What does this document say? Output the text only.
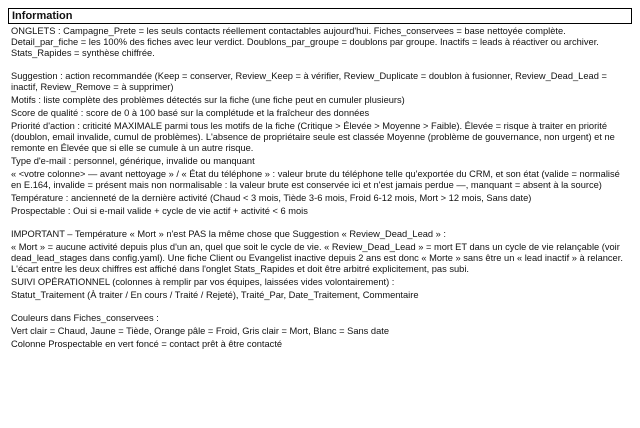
Information

ONGLETS : Campagne_Prete = les seuls contacts réellement contactables aujourd'hui. Fiches_conservees = base nettoyée complète. Detail_par_fiche = les 100% des fiches avec leur verdict. Doublons_par_groupe = doublons par groupe. Inactifs = leads à réactiver ou archiver. Stats_Rapides = synthèse chiffrée.

Suggestion : action recommandée (Keep = conserver, Review_Keep = à vérifier, Review_Duplicate = doublon à fusionner, Review_Dead_Lead = inactif, Review_Remove = à supprimer)

Motifs : liste complète des problèmes détectés sur la fiche (une fiche peut en cumuler plusieurs)

Score de qualité : score de 0 à 100 basé sur la complétude et la fraîcheur des données

Priorité d'action : criticité MAXIMALE parmi tous les motifs de la fiche (Critique > Élevée > Moyenne > Faible). Élevée = risque à traiter en priorité (doublon, email invalide, cumul de problèmes). L'absence de propriétaire seule est classée Moyenne (problème de gouvernance, non urgent) et ne remonte en Élevée que si elle se cumule à un autre risque.

Type d'e-mail : personnel, générique, invalide ou manquant

« <votre colonne> — avant nettoyage » / « État du téléphone » : valeur brute du téléphone telle qu'exportée du CRM, et son état (valide = normalisé en E.164, invalide = présent mais non normalisable : la valeur brute est conservée ici et n'est jamais perdue —, manquant = absent à la source)

Température : ancienneté de la dernière activité (Chaud < 3 mois, Tiède 3-6 mois, Froid 6-12 mois, Mort > 12 mois, Sans date)

Prospectable : Oui si e-mail valide + cycle de vie actif + activité < 6 mois

IMPORTANT – Température « Mort » n'est PAS la même chose que Suggestion « Review_Dead_Lead » :

« Mort » = aucune activité depuis plus d'un an, quel que soit le cycle de vie. « Review_Dead_Lead » = mort ET dans un cycle de vie relançable (voir dead_lead_stages dans config.yaml). Une fiche Client ou Evangelist inactive depuis 2 ans est donc « Morte » sans être un « lead inactif » à relancer. L'écart entre les deux chiffres est affiché dans l'onglet Stats_Rapides et doit être arbitré explicitement, pas subi.

SUIVI OPÉRATIONNEL (colonnes à remplir par vos équipes, laissées vides volontairement) :

Statut_Traitement (À traiter / En cours / Traité / Rejeté), Traité_Par, Date_Traitement, Commentaire

Couleurs dans Fiches_conservees :

Vert clair = Chaud, Jaune = Tiède, Orange pâle = Froid, Gris clair = Mort, Blanc = Sans date

Colonne Prospectable en vert foncé = contact prêt à être contacté
